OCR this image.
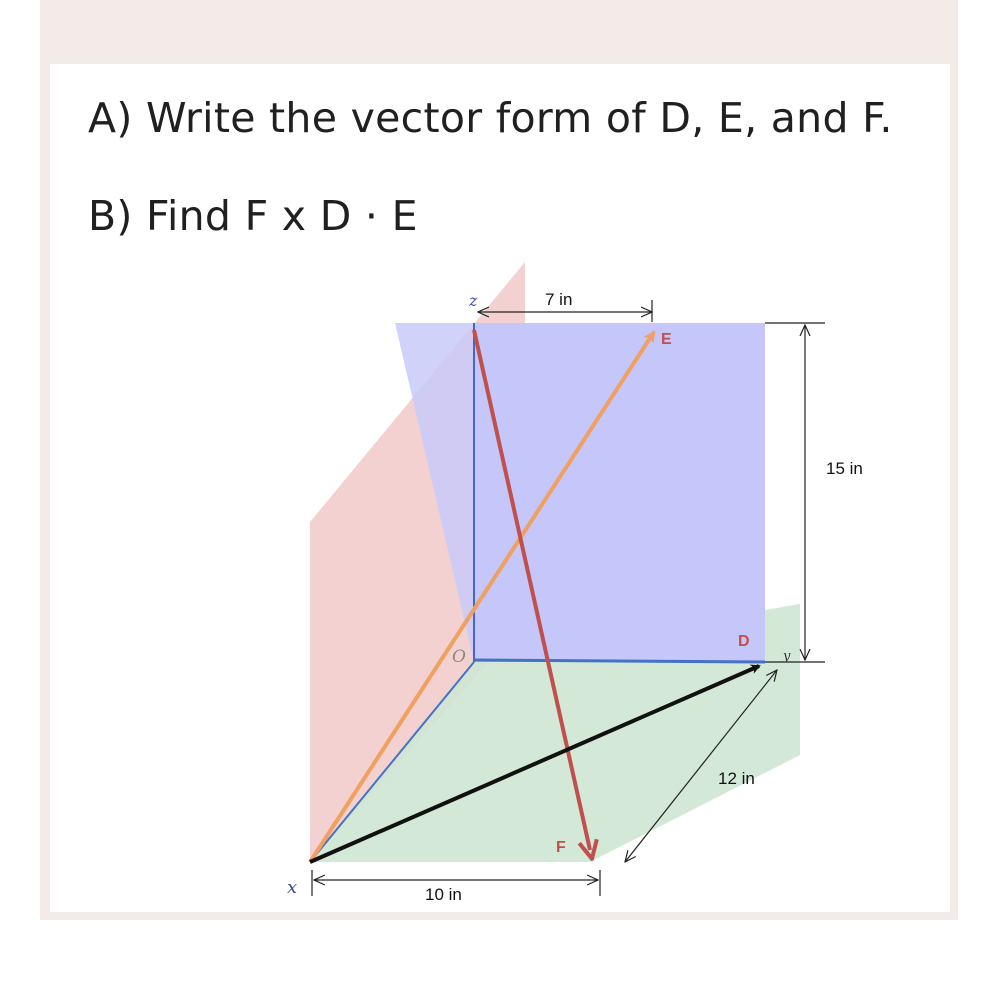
A) Write the vector form of D, E, and F.
B) Find F x D · E
7 in
15 in
12 in
10 in
E
D
F
z
y
x
O
